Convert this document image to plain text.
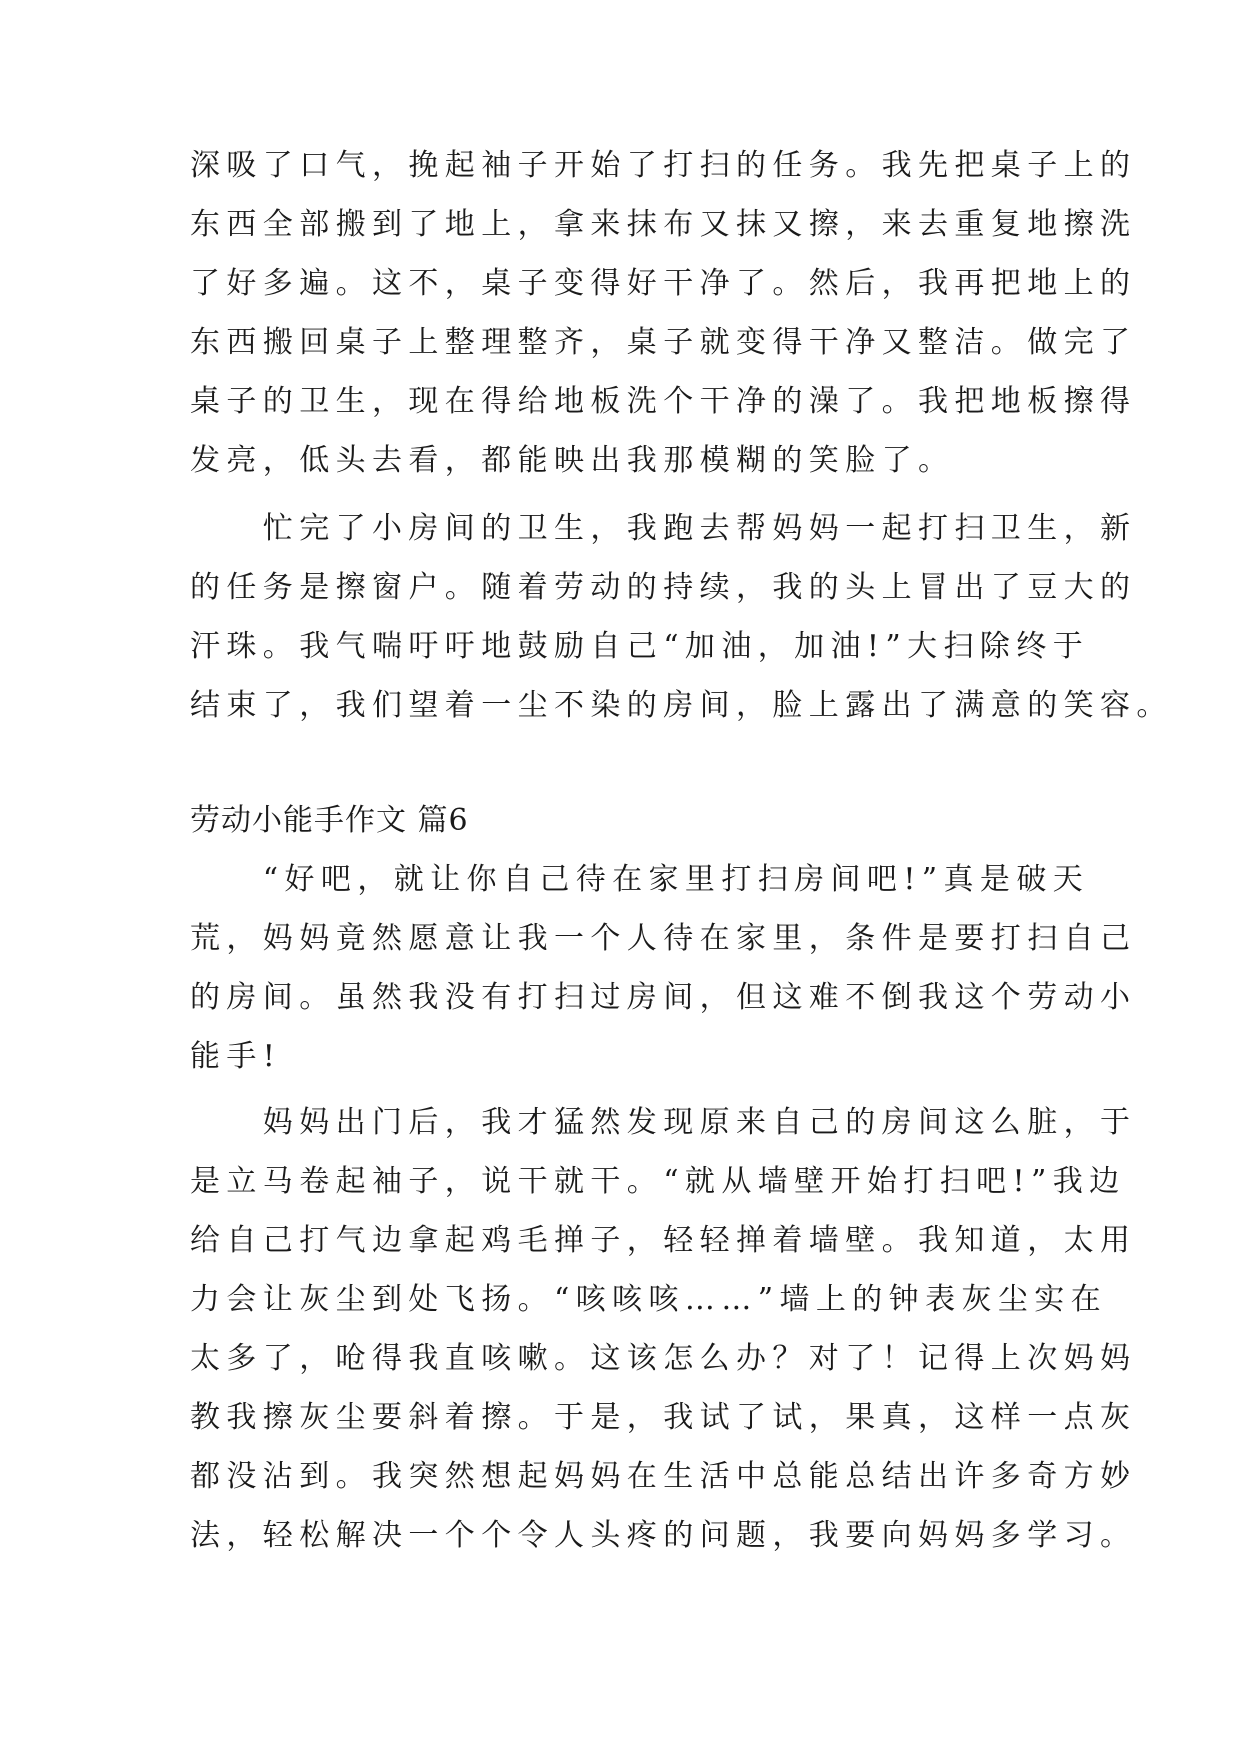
深吸了口气，挽起袖子开始了打扫的任务。我先把桌子上的
东西全部搬到了地上，拿来抹布又抹又擦，来去重复地擦洗
了好多遍。这不，桌子变得好干净了。然后，我再把地上的
东西搬回桌子上整理整齐，桌子就变得干净又整洁。做完了
桌子的卫生，现在得给地板洗个干净的澡了。我把地板擦得
发亮，低头去看，都能映出我那模糊的笑脸了。
　　忙完了小房间的卫生，我跑去帮妈妈一起打扫卫生，新
的任务是擦窗户。随着劳动的持续，我的头上冒出了豆大的
汗珠。我气喘吁吁地鼓励自己“加油，加油!”大扫除终于
结束了，我们望着一尘不染的房间，脸上露出了满意的笑容。
劳动小能手作文 篇6
　　“好吧，就让你自己待在家里打扫房间吧!”真是破天
荒，妈妈竟然愿意让我一个人待在家里，条件是要打扫自己
的房间。虽然我没有打扫过房间，但这难不倒我这个劳动小
能手!
　　妈妈出门后，我才猛然发现原来自己的房间这么脏，于
是立马卷起袖子，说干就干。“就从墙壁开始打扫吧!”我边
给自己打气边拿起鸡毛掸子，轻轻掸着墙壁。我知道，太用
力会让灰尘到处飞扬。“咳咳咳……”墙上的钟表灰尘实在
太多了，呛得我直咳嗽。这该怎么办？对了！记得上次妈妈
教我擦灰尘要斜着擦。于是，我试了试，果真，这样一点灰
都没沾到。我突然想起妈妈在生活中总能总结出许多奇方妙
法，轻松解决一个个令人头疼的问题，我要向妈妈多学习。
